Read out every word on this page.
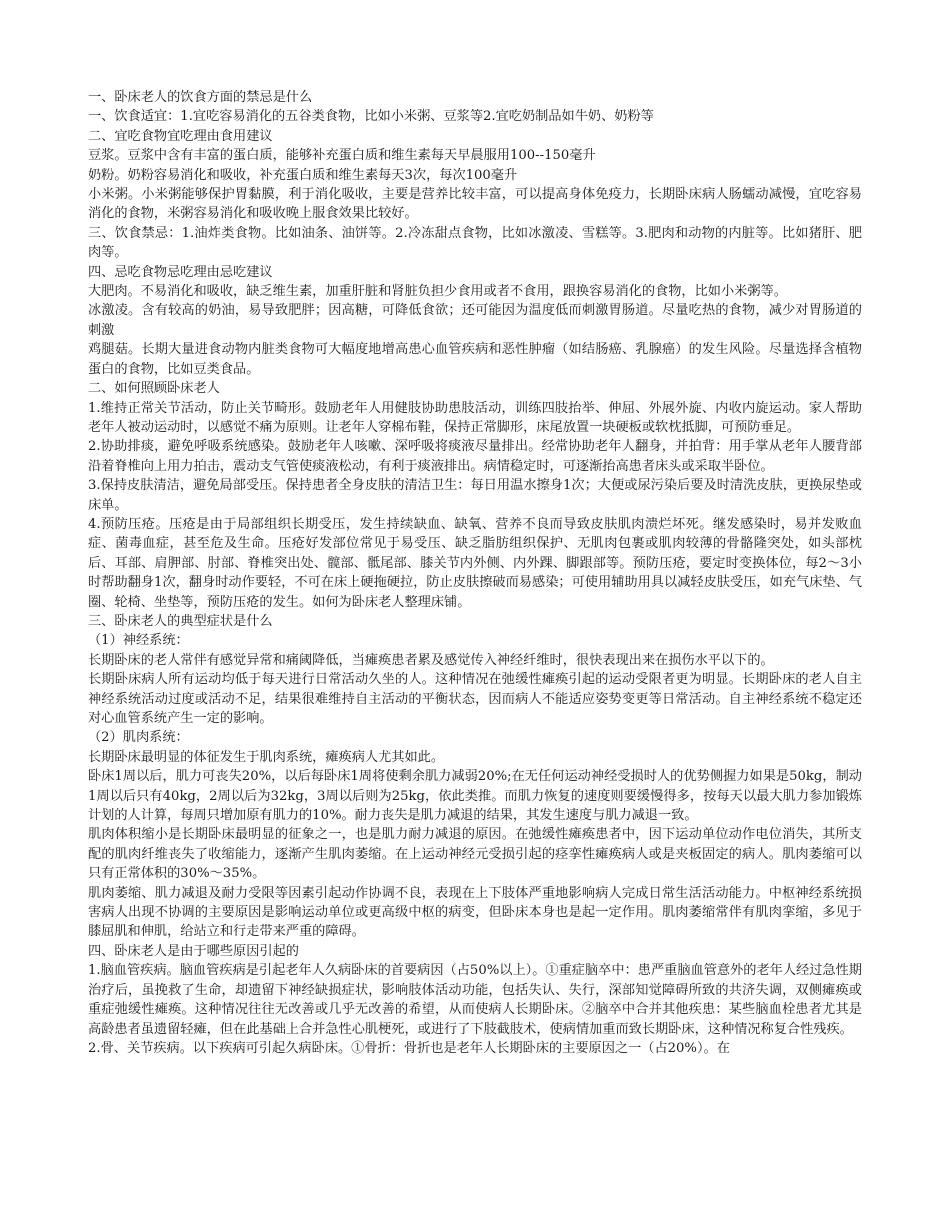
一、卧床老人的饮食方面的禁忌是什么

一、饮食适宜：1.宜吃容易消化的五谷类食物，比如小米粥、豆浆等2.宜吃奶制品如牛奶、奶粉等

二、宜吃食物宜吃理由食用建议

豆浆。豆浆中含有丰富的蛋白质，能够补充蛋白质和维生素每天早晨服用100--150毫升

奶粉。奶粉容易消化和吸收，补充蛋白质和维生素每天3次，每次100毫升

小米粥。小米粥能够保护胃黏膜，利于消化吸收，主要是营养比较丰富，可以提高身体免疫力，长期卧床病人肠蠕动减慢，宜吃容易消化的食物，米粥容易消化和吸收晚上服食效果比较好。

三、饮食禁忌：1.油炸类食物。比如油条、油饼等。2.冷冻甜点食物，比如冰激凌、雪糕等。3.肥肉和动物的内脏等。比如猪肝、肥肉等。

四、忌吃食物忌吃理由忌吃建议

大肥肉。不易消化和吸收，缺乏维生素，加重肝脏和肾脏负担少食用或者不食用，跟换容易消化的食物，比如小米粥等。

冰激凌。含有较高的奶油，易导致肥胖；因高糖，可降低食欲；还可能因为温度低而刺激胃肠道。尽量吃热的食物，减少对胃肠道的刺激

鸡腿菇。长期大量进食动物内脏类食物可大幅度地增高患心血管疾病和恶性肿瘤（如结肠癌、乳腺癌）的发生风险。尽量选择含植物蛋白的食物，比如豆类食品。

二、如何照顾卧床老人

1.维持正常关节活动，防止关节畸形。鼓励老年人用健肢协助患肢活动，训练四肢抬举、伸屈、外展外旋、内收内旋运动。家人帮助老年人被动运动时，以感觉不痛为原则。让老年人穿棉布鞋，保持正常脚形，床尾放置一块硬板或软枕抵脚，可预防垂足。

2.协助排痰，避免呼吸系统感染。鼓励老年人咳嗽、深呼吸将痰液尽量排出。经常协助老年人翻身，并拍背：用手掌从老年人腰背部沿着脊椎向上用力拍击，震动支气管使痰液松动，有利于痰液排出。病情稳定时，可逐渐抬高患者床头或采取半卧位。

3.保持皮肤清洁，避免局部受压。保持患者全身皮肤的清洁卫生：每日用温水擦身1次；大便或尿污染后要及时清洗皮肤，更换尿垫或床单。

4.预防压疮。压疮是由于局部组织长期受压，发生持续缺血、缺氧、营养不良而导致皮肤肌肉溃烂坏死。继发感染时，易并发败血症、菌毒血症，甚至危及生命。压疮好发部位常见于易受压、缺乏脂肪组织保护、无肌肉包裹或肌肉较薄的骨骼隆突处，如头部枕后、耳部、肩胛部、肘部、脊椎突出处、髋部、骶尾部、膝关节内外侧、内外踝、脚跟部等。预防压疮，要定时变换体位，每2～3小时帮助翻身1次，翻身时动作要轻，不可在床上硬拖硬拉，防止皮肤擦破而易感染；可使用辅助用具以减轻皮肤受压，如充气床垫、气圈、轮椅、坐垫等，预防压疮的发生。如何为卧床老人整理床铺。

三、卧床老人的典型症状是什么

（1）神经系统：

长期卧床的老人常伴有感觉异常和痛阈降低，当瘫痪患者累及感觉传入神经纤维时，很快表现出来在损伤水平以下的。

长期卧床病人所有运动均低于每天进行日常活动久坐的人。这种情况在弛缓性瘫痪引起的运动受限者更为明显。长期卧床的老人自主神经系统活动过度或活动不足，结果很难维持自主活动的平衡状态，因而病人不能适应姿势变更等日常活动。自主神经系统不稳定还对心血管系统产生一定的影响。

（2）肌肉系统：

长期卧床最明显的体征发生于肌肉系统，瘫痪病人尤其如此。

卧床1周以后，肌力可丧失20%，以后每卧床1周将使剩余肌力减弱20%;在无任何运动神经受损时人的优势侧握力如果是50kg，制动1周以后只有40kg，2周以后为32kg，3周以后则为25kg，依此类推。而肌力恢复的速度则要缓慢得多，按每天以最大肌力参加锻炼计划的人计算，每周只增加原有肌力的10%。耐力丧失是肌力减退的结果，其发生速度与肌力减退一致。

肌肉体积缩小是长期卧床最明显的征象之一，也是肌力耐力减退的原因。在弛缓性瘫痪患者中，因下运动单位动作电位消失，其所支配的肌肉纤维丧失了收缩能力，逐渐产生肌肉萎缩。在上运动神经元受损引起的痉挛性瘫痪病人或是夹板固定的病人。肌肉萎缩可以只有正常体积的30%～35%。

肌肉萎缩、肌力减退及耐力受限等因素引起动作协调不良，表现在上下肢体严重地影响病人完成日常生活活动能力。中枢神经系统损害病人出现不协调的主要原因是影响运动单位或更高级中枢的病变，但卧床本身也是起一定作用。肌肉萎缩常伴有肌肉挛缩，多见于膝屈肌和伸肌，给站立和行走带来严重的障碍。

四、卧床老人是由于哪些原因引起的

1.脑血管疾病。脑血管疾病是引起老年人久病卧床的首要病因（占50%以上）。①重症脑卒中：患严重脑血管意外的老年人经过急性期治疗后，虽挽救了生命，却遗留下神经缺损症状，影响肢体活动功能，包括失认、失行，深部知觉障碍所致的共济失调，双侧瘫痪或重症弛缓性瘫痪。这种情况往往无改善或几乎无改善的希望，从而使病人长期卧床。②脑卒中合并其他疾患：某些脑血栓患者尤其是高龄患者虽遗留轻瘫，但在此基础上合并急性心肌梗死，或进行了下肢截肢术，使病情加重而致长期卧床，这种情况称复合性残疾。

2.骨、关节疾病。以下疾病可引起久病卧床。①骨折：骨折也是老年人长期卧床的主要原因之一（占20%）。在
